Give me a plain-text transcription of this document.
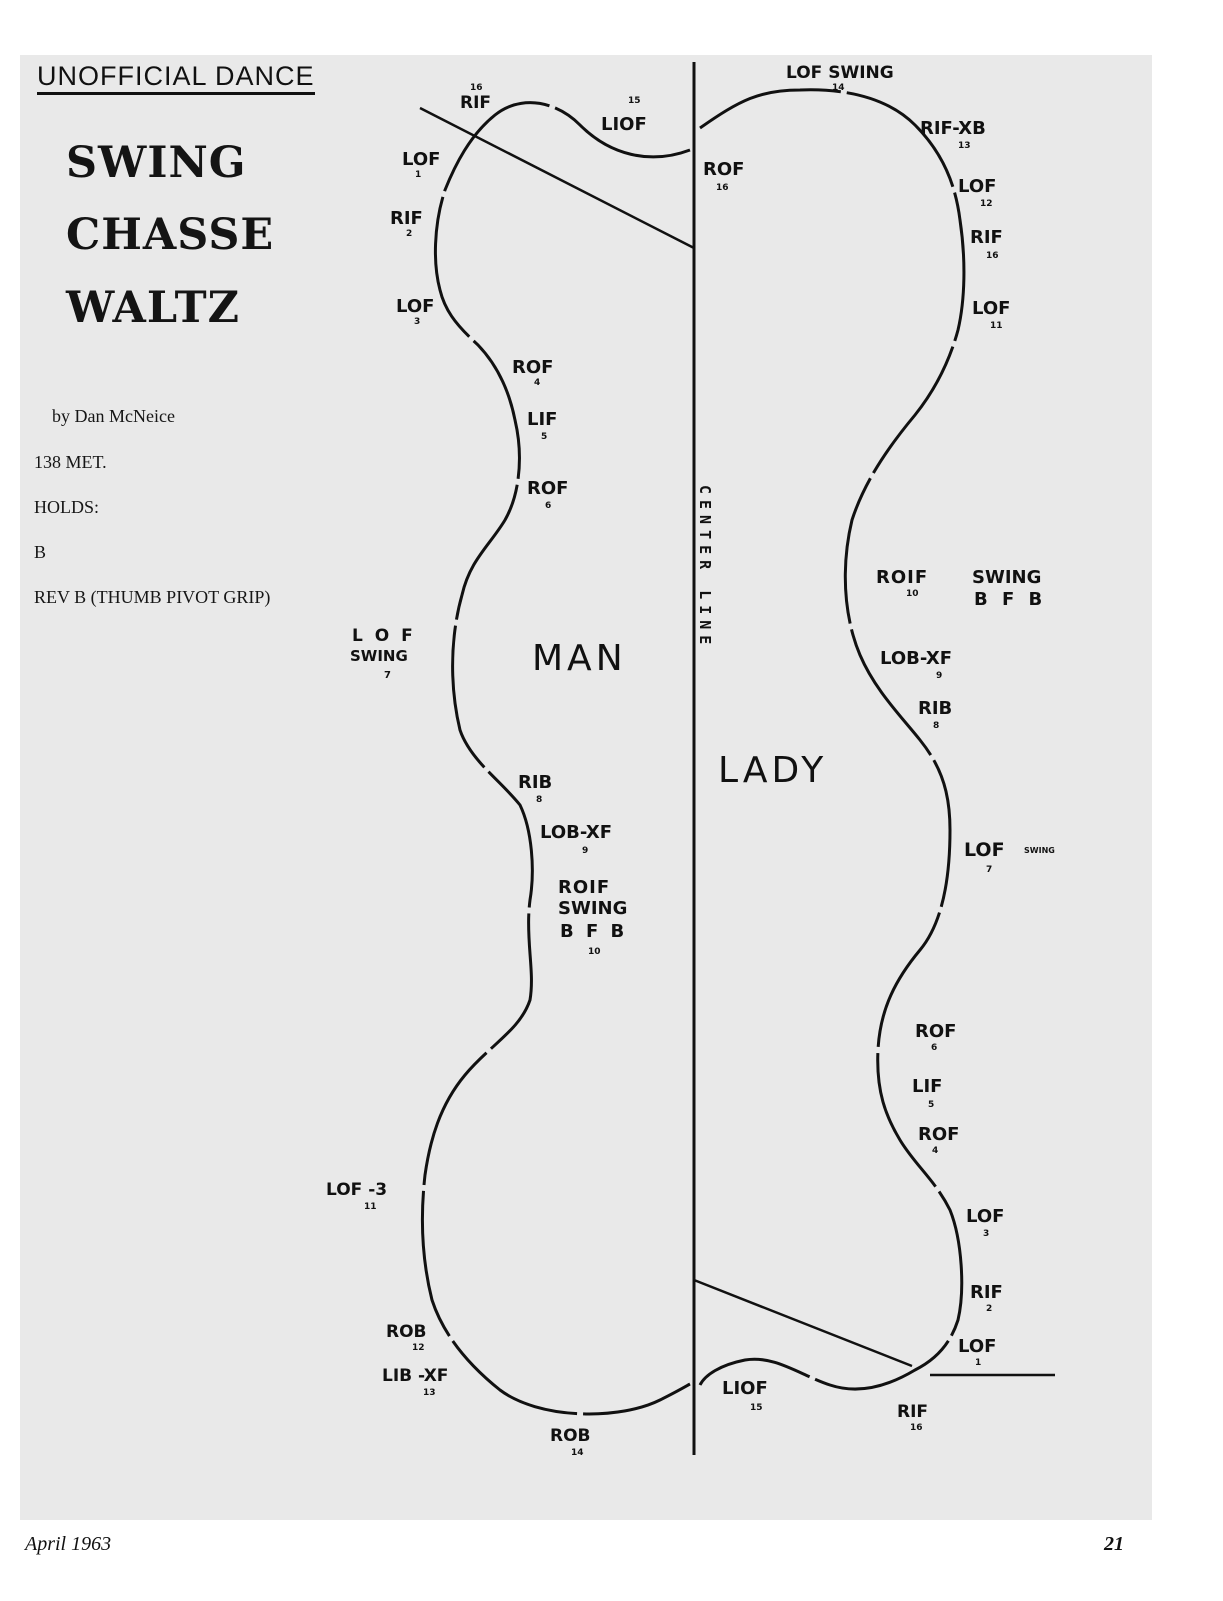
UNOFFICIAL DANCE
SWING
CHASSE
WALTZ
by Dan McNeice
138 MET.
HOLDS:
B
REV B (THUMB PIVOT GRIP)	CENTER LINE
MAN
LADY
LOF
1
RIF
2
LOF
3
ROF
4
LIF
5
ROF
6
L O F
SWING
7
RIB
8
LOB-XF
9
ROIF
SWING
B F B
10
LOF -3
11
ROB
12
LIB -XF
13
ROB
14
LIOF
15
RIF
16
ROF
16
LOF
1
RIF
2
LOF
3
ROF
4
LIF
5
ROF
6
LOF SWING
7
RIB
8
LOB-XF
9
ROIF
10
SWING
B F B
LOF
11
RIF
16
LOF
12
RIF-XB
13
LOF SWING
14
LIOF
15	RIF
16
April 1963	21
